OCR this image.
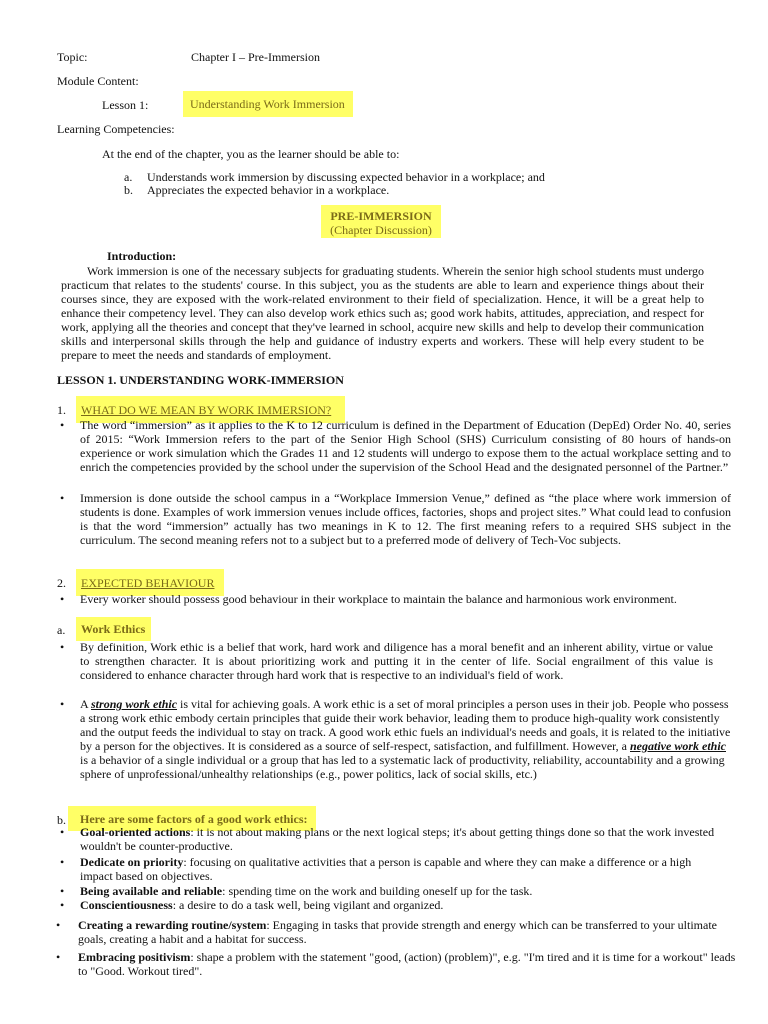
Topic:	Chapter I – Pre-Immersion
Module Content:
Lesson 1:	Understanding Work Immersion
Learning Competencies:
At the end of the chapter, you as the learner should be able to:
a. Understands work immersion by discussing expected behavior in a workplace; and
b. Appreciates the expected behavior in a workplace.
PRE-IMMERSION
(Chapter Discussion)
Introduction:
Work immersion is one of the necessary subjects for graduating students. Wherein the senior high school students must undergo practicum that relates to the students' course. In this subject, you as the students are able to learn and experience things about their courses since, they are exposed with the work-related environment to their field of specialization. Hence, it will be a great help to enhance their competency level. They can also develop work ethics such as; good work habits, attitudes, appreciation, and respect for work, applying all the theories and concept that they've learned in school, acquire new skills and help to develop their communication skills and interpersonal skills through the help and guidance of industry experts and workers. These will help every student to be prepare to meet the needs and standards of employment.
LESSON 1. UNDERSTANDING WORK-IMMERSION
1.	WHAT DO WE MEAN BY WORK IMMERSION?
• The word “immersion” as it applies to the K to 12 curriculum is defined in the Department of Education (DepEd) Order No. 40, series of 2015: “Work Immersion refers to the part of the Senior High School (SHS) Curriculum consisting of 80 hours of hands-on experience or work simulation which the Grades 11 and 12 students will undergo to expose them to the actual workplace setting and to enrich the competencies provided by the school under the supervision of the School Head and the designated personnel of the Partner.”
• Immersion is done outside the school campus in a “Workplace Immersion Venue,” defined as “the place where work immersion of students is done. Examples of work immersion venues include offices, factories, shops and project sites.” What could lead to confusion is that the word “immersion” actually has two meanings in K to 12. The first meaning refers to a required SHS subject in the curriculum. The second meaning refers not to a subject but to a preferred mode of delivery of Tech-Voc subjects.
2.	EXPECTED BEHAVIOUR
• Every worker should possess good behaviour in their workplace to maintain the balance and harmonious work environment.
a.	Work Ethics
• By definition, Work ethic is a belief that work, hard work and diligence has a moral benefit and an inherent ability, virtue or value to strengthen character. It is about prioritizing work and putting it in the center of life. Social engrailment of this value is considered to enhance character through hard work that is respective to an individual's field of work.
• A strong work ethic is vital for achieving goals. A work ethic is a set of moral principles a person uses in their job. People who possess a strong work ethic embody certain principles that guide their work behavior, leading them to produce high-quality work consistently and the output feeds the individual to stay on track. A good work ethic fuels an individual's needs and goals, it is related to the initiative by a person for the objectives. It is considered as a source of self-respect, satisfaction, and fulfillment. However, a negative work ethic is a behavior of a single individual or a group that has led to a systematic lack of productivity, reliability, accountability and a growing sphere of unprofessional/unhealthy relationships (e.g., power politics, lack of social skills, etc.)
b.	Here are some factors of a good work ethics:
• Goal-oriented actions: it is not about making plans or the next logical steps; it's about getting things done so that the work invested wouldn't be counter-productive.
• Dedicate on priority: focusing on qualitative activities that a person is capable and where they can make a difference or a high impact based on objectives.
• Being available and reliable: spending time on the work and building oneself up for the task.
• Conscientiousness: a desire to do a task well, being vigilant and organized.
• Creating a rewarding routine/system: Engaging in tasks that provide strength and energy which can be transferred to your ultimate goals, creating a habit and a habitat for success.
• Embracing positivism: shape a problem with the statement "good, (action) (problem)", e.g. "I'm tired and it is time for a workout" leads to "Good. Workout tired".
